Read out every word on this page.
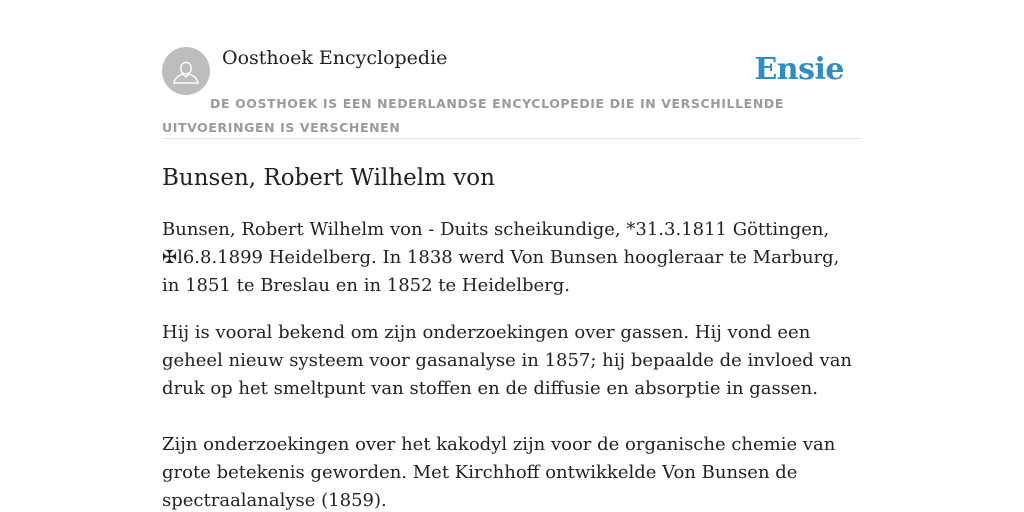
Oosthoek Encyclopedie	Ensie
DE OOSTHOEK IS EEN NEDERLANDSE ENCYCLOPEDIE DIE IN VERSCHILLENDE UITVOERINGEN IS VERSCHENEN
Bunsen, Robert Wilhelm von

Bunsen, Robert Wilhelm von - Duits scheikundige, *31.3.1811 Göttingen, ✠l6.8.1899 Heidelberg. In 1838 werd Von Bunsen hoogleraar te Marburg, in 1851 te Breslau en in 1852 te Heidelberg.

Hij is vooral bekend om zijn onderzoekingen over gassen. Hij vond een geheel nieuw systeem voor gasanalyse in 1857; hij bepaalde de invloed van druk op het smeltpunt van stoffen en de diffusie en absorptie in gassen.

Zijn onderzoekingen over het kakodyl zijn voor de organische chemie van grote betekenis geworden. Met Kirchhoff ontwikkelde Von Bunsen de spectraalanalyse (1859).
